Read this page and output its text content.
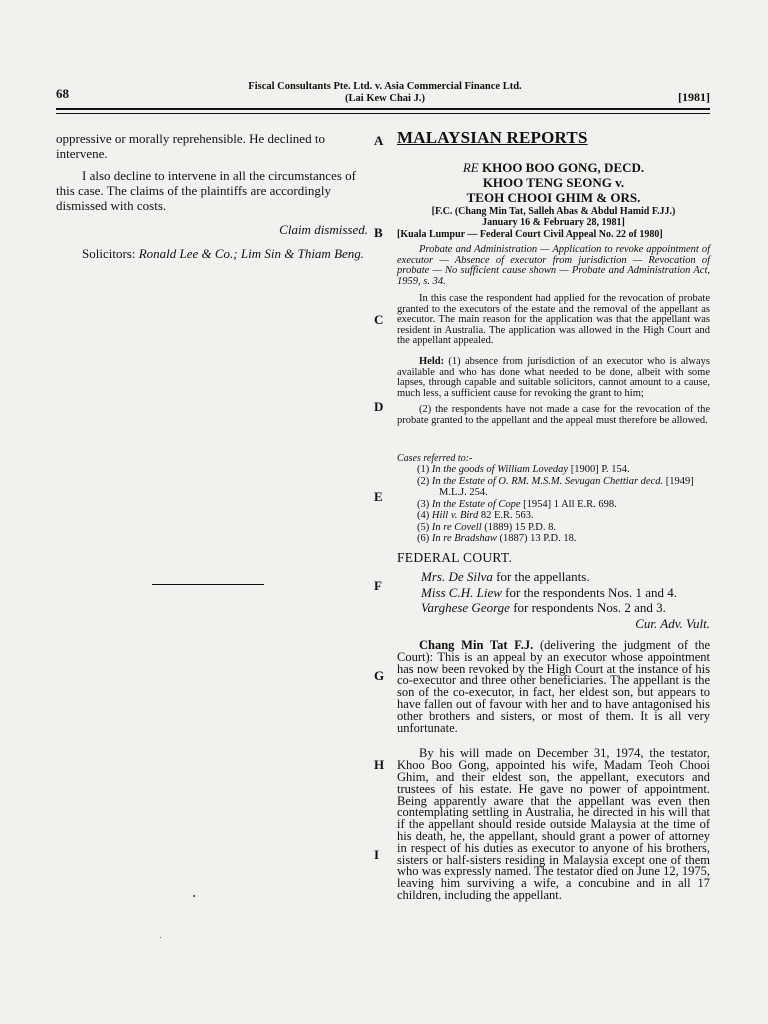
68	Fiscal Consultants Pte. Ltd. v. Asia Commercial Finance Ltd.
(Lai Kew Chai J.)	[1981]

oppressive or morally reprehensible. He declined to intervene.

I also decline to intervene in all the circumstances of this case. The claims of the plaintiffs are accordingly dismissed with costs.

Claim dismissed.

Solicitors: Ronald Lee & Co.; Lim Sin & Thiam Beng.

A
B
C
D
E
F
G
H
I
MALAYSIAN REPORTS
RE KHOO BOO GONG, DECD.
KHOO TENG SEONG v.
TEOH CHOOI GHIM & ORS.
[F.C. (Chang Min Tat, Salleh Abas & Abdul Hamid F.JJ.)
January 16 & February 28, 1981]
[Kuala Lumpur — Federal Court Civil Appeal No. 22 of 1980]
Probate and Administration — Application to revoke appointment of executor — Absence of executor from jurisdiction — Revocation of probate — No sufficient cause shown — Probate and Administration Act, 1959, s. 34.

In this case the respondent had applied for the revocation of probate granted to the executors of the estate and the removal of the appellant as executor. The main reason for the application was that the appellant was resident in Australia. The application was allowed in the High Court and the appellant appealed.

Held: (1) absence from jurisdiction of an executor who is always available and who has done what needed to be done, albeit with some lapses, through capable and suitable solicitors, cannot amount to a cause, much less, a sufficient cause for revoking the grant to him;

(2) the respondents have not made a case for the revocation of the probate granted to the appellant and the appeal must therefore be allowed.

Cases referred to:-
(1) In the goods of William Loveday [1900] P. 154.
(2) In the Estate of O. RM. M.S.M. Sevugan Chettiar decd. [1949] M.L.J. 254.
(3) In the Estate of Cope [1954] 1 All E.R. 698.
(4) Hill v. Bird 82 E.R. 563.
(5) In re Covell (1889) 15 P.D. 8.
(6) In re Bradshaw (1887) 13 P.D. 18.
FEDERAL COURT.

Mrs. De Silva for the appellants.

Miss C.H. Liew for the respondents Nos. 1 and 4.

Varghese George for respondents Nos. 2 and 3.

Cur. Adv. Vult.

Chang Min Tat F.J. (delivering the judgment of the Court): This is an appeal by an executor whose appointment has now been revoked by the High Court at the instance of his co-executor and three other beneficiaries. The appellant is the son of the co-executor, in fact, her eldest son, but appears to have fallen out of favour with her and to have antagonised his other brothers and sisters, or most of them. It is all very unfortunate.

By his will made on December 31, 1974, the testator, Khoo Boo Gong, appointed his wife, Madam Teoh Chooi Ghim, and their eldest son, the appellant, executors and trustees of his estate. He gave no power of appointment. Being apparently aware that the appellant was even then contemplating settling in Australia, he directed in his will that if the appellant should reside outside Malaysia at the time of his death, he, the appellant, should grant a power of attorney in respect of his duties as executor to anyone of his brothers, sisters or half-sisters residing in Malaysia except one of them who was expressly named. The testator died on June 12, 1975, leaving him surviving a wife, a concubine and in all 17 children, including the appellant.
